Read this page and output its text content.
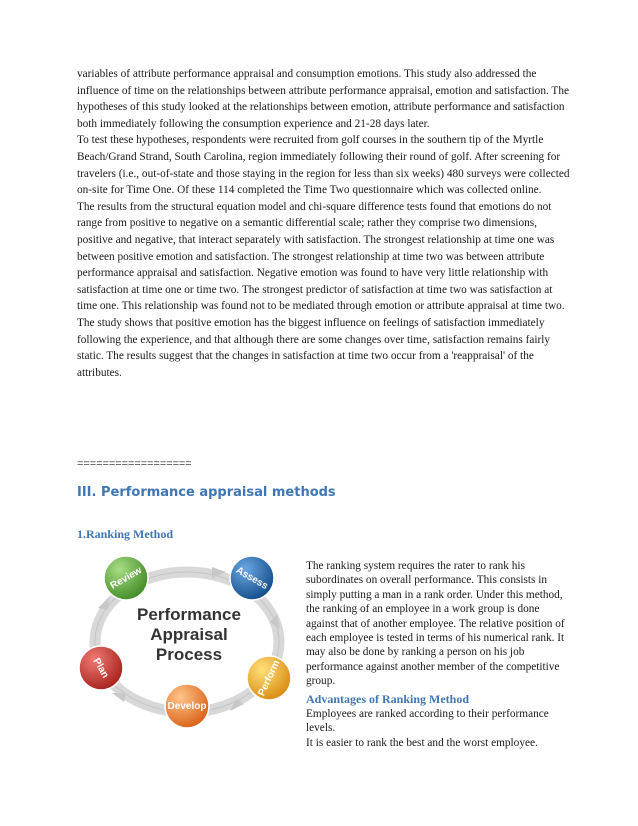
variables of attribute performance appraisal and consumption emotions. This study also addressed the influence of time on the relationships between attribute performance appraisal, emotion and satisfaction. The hypotheses of this study looked at the relationships between emotion, attribute performance and satisfaction both immediately following the consumption experience and 21-28 days later.

To test these hypotheses, respondents were recruited from golf courses in the southern tip of the Myrtle Beach/Grand Strand, South Carolina, region immediately following their round of golf. After screening for travelers (i.e., out-of-state and those staying in the region for less than six weeks) 480 surveys were collected on-site for Time One. Of these 114 completed the Time Two questionnaire which was collected online.

The results from the structural equation model and chi-square difference tests found that emotions do not range from positive to negative on a semantic differential scale; rather they comprise two dimensions, positive and negative, that interact separately with satisfaction. The strongest relationship at time one was between positive emotion and satisfaction. The strongest relationship at time two was between attribute performance appraisal and satisfaction. Negative emotion was found to have very little relationship with satisfaction at time one or time two. The strongest predictor of satisfaction at time two was satisfaction at time one. This relationship was found not to be mediated through emotion or attribute appraisal at time two.

The study shows that positive emotion has the biggest influence on feelings of satisfaction immediately following the experience, and that although there are some changes over time, satisfaction remains fairly static. The results suggest that the changes in satisfaction at time two occur from a 'reappraisal' of the attributes.

==================
III. Performance appraisal methods
1.Ranking Method
Performance
Appraisal
Process
Review	Assess
Perform
Develop
Plan

The ranking system requires the rater to rank his subordinates on overall performance. This consists in simply putting a man in a rank order. Under this method, the ranking of an employee in a work group is done against that of another employee. The relative position of each employee is tested in terms of his numerical rank. It may also be done by ranking a person on his job performance against another member of the competitive group.

Advantages of Ranking Method

Employees are ranked according to their performance levels.

It is easier to rank the best and the worst employee.
